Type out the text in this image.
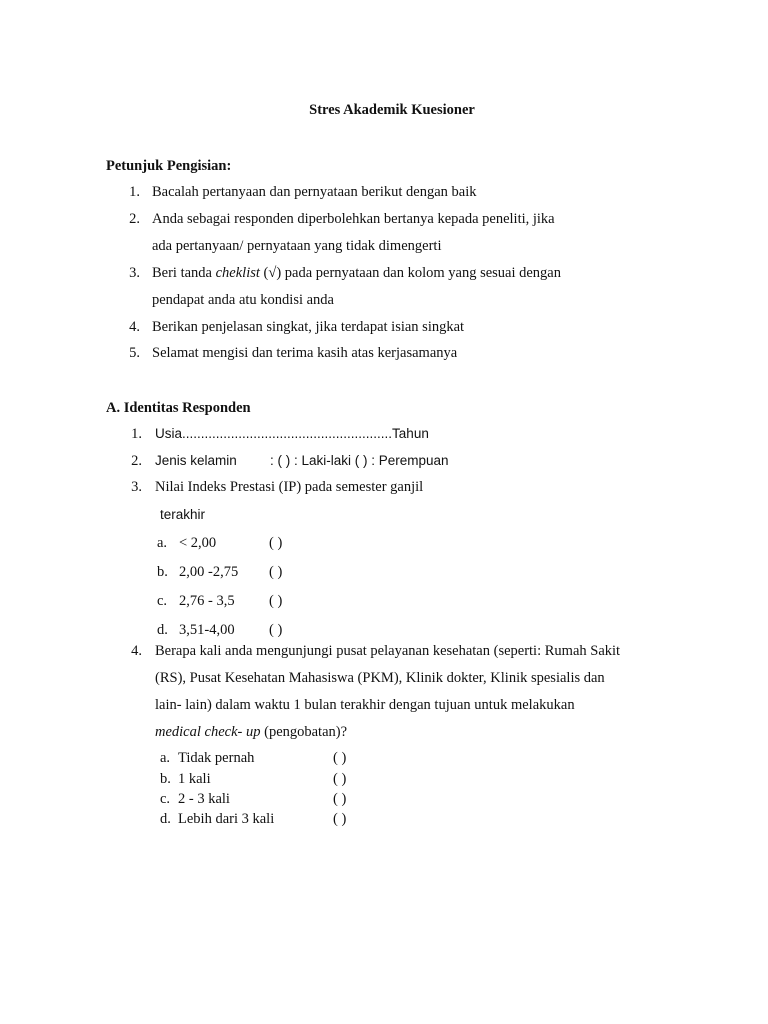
Stres Akademik Kuesioner
Petunjuk Pengisian:
1. Bacalah pertanyaan dan pernyataan berikut dengan baik
2. Anda sebagai responden diperbolehkan bertanya kepada peneliti, jika
ada pertanyaan/ pernyataan yang tidak dimengerti
3. Beri tanda cheklist (√) pada pernyataan dan kolom yang sesuai dengan
pendapat anda atu kondisi anda
4. Berikan penjelasan singkat, jika terdapat isian singkat
5. Selamat mengisi dan terima kasih atas kerjasamanya
A. Identitas Responden
1. Usia........................................................Tahun
2. Jenis kelamin : ( ) : Laki-laki ( ) : Perempuan
3. Nilai Indeks Prestasi (IP) pada semester ganjil
terakhir
a. < 2,00	( )
b. 2,00 -2,75 ( )
c. 2,76 - 3,5 ( )
d. 3,51-4,00 ( )
4. Berapa kali anda mengunjungi pusat pelayanan kesehatan (seperti: Rumah Sakit
(RS), Pusat Kesehatan Mahasiswa (PKM), Klinik dokter, Klinik spesialis dan
lain- lain) dalam waktu 1 bulan terakhir dengan tujuan untuk melakukan
medical check- up (pengobatan)?
a. Tidak pernah	( )
b. 1 kali	( )
c. 2 - 3 kali	( )
d. Lebih dari 3 kali	( )
